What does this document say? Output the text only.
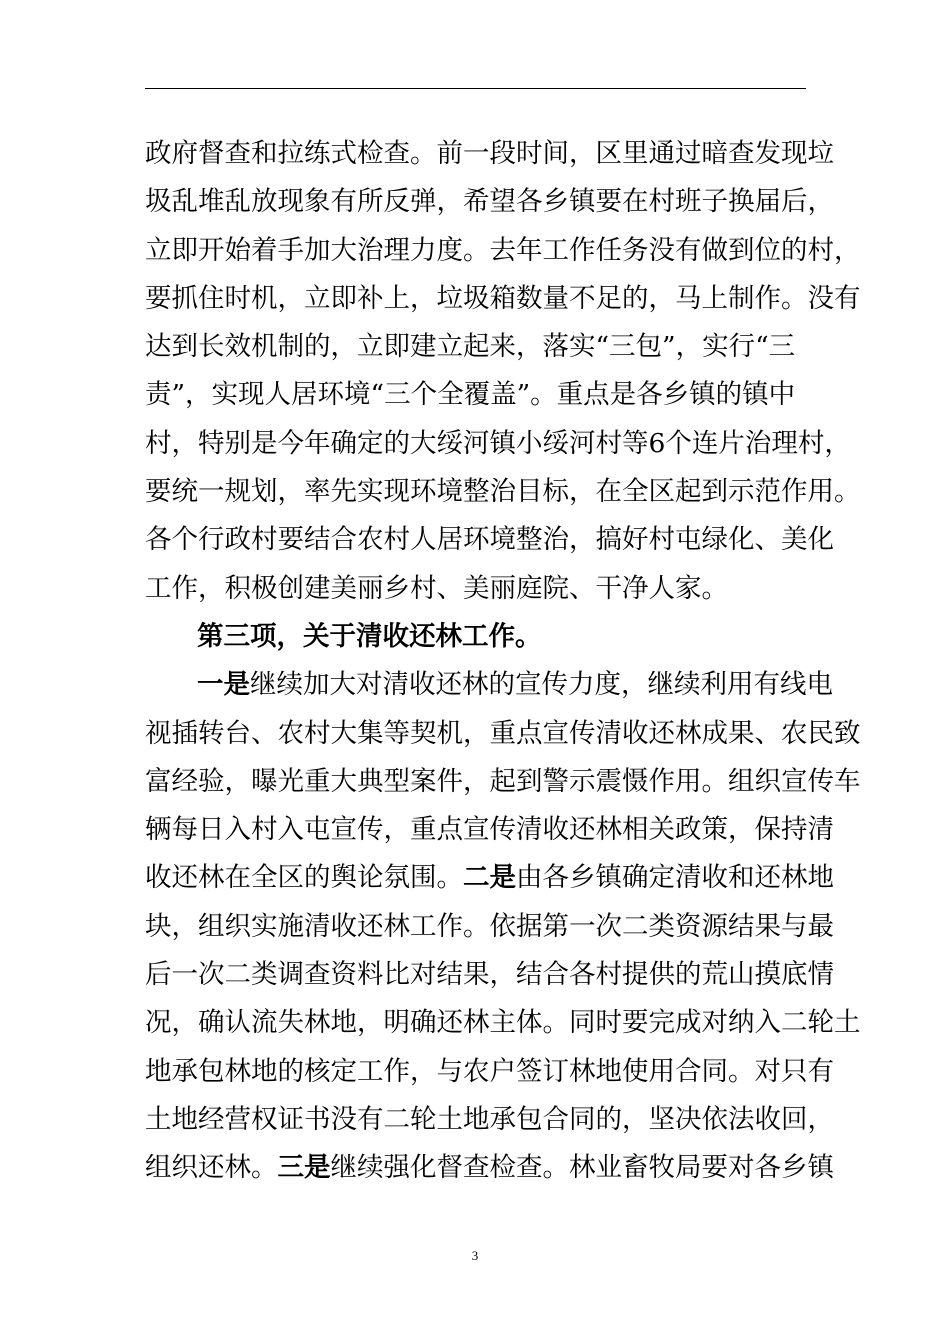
政府督查和拉练式检查。前一段时间，区里通过暗查发现垃
圾乱堆乱放现象有所反弹，希望各乡镇要在村班子换届后，
立即开始着手加大治理力度。去年工作任务没有做到位的村，
要抓住时机，立即补上，垃圾箱数量不足的，马上制作。没有
达到长效机制的，立即建立起来，落实“三包”，实行“三
责”，实现人居环境“三个全覆盖”。重点是各乡镇的镇中
村，特别是今年确定的大绥河镇小绥河村等6个连片治理村，
要统一规划，率先实现环境整治目标，在全区起到示范作用。
各个行政村要结合农村人居环境整治，搞好村屯绿化、美化
工作，积极创建美丽乡村、美丽庭院、干净人家。
第三项，关于清收还林工作。
一是继续加大对清收还林的宣传力度，继续利用有线电
视插转台、农村大集等契机，重点宣传清收还林成果、农民致
富经验，曝光重大典型案件，起到警示震慑作用。组织宣传车
辆每日入村入屯宣传，重点宣传清收还林相关政策，保持清
收还林在全区的舆论氛围。二是由各乡镇确定清收和还林地
块，组织实施清收还林工作。依据第一次二类资源结果与最
后一次二类调查资料比对结果，结合各村提供的荒山摸底情
况，确认流失林地，明确还林主体。同时要完成对纳入二轮土
地承包林地的核定工作，与农户签订林地使用合同。对只有
土地经营权证书没有二轮土地承包合同的，坚决依法收回，
组织还林。三是继续强化督查检查。林业畜牧局要对各乡镇
3
